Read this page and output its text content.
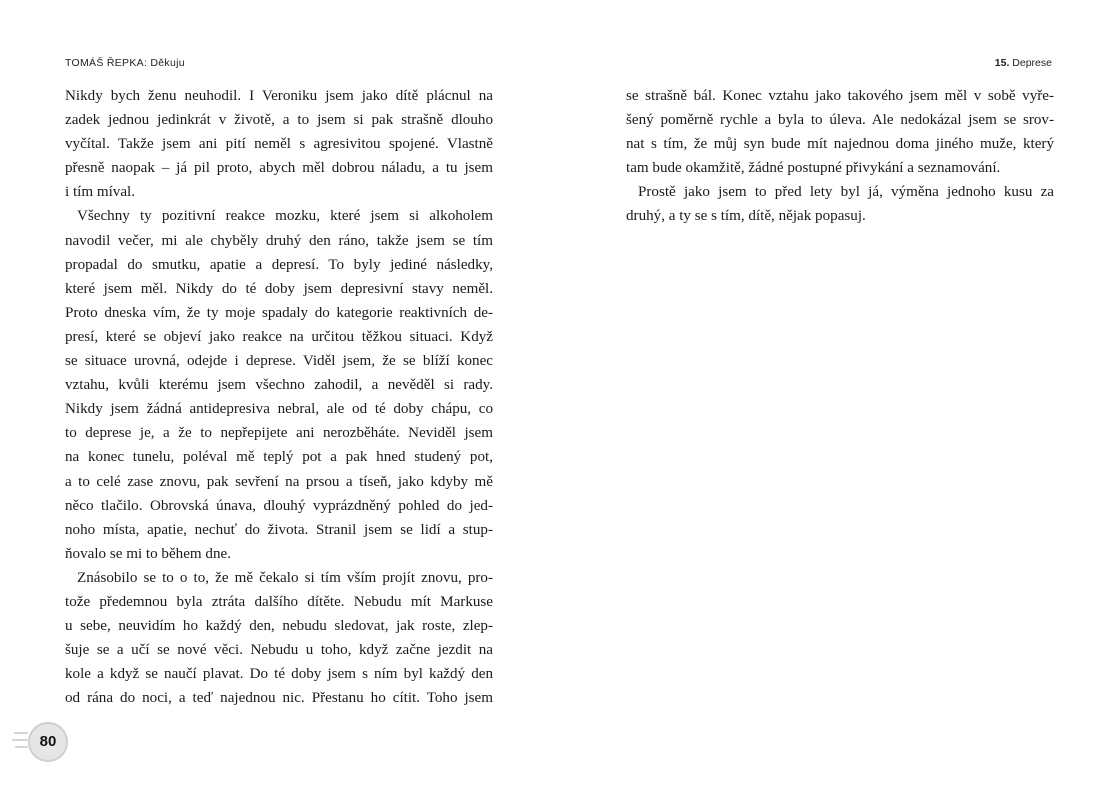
TOMÁŠ ŘEPKA: Děkuju	15. Deprese
Nikdy bych ženu neuhodil. I Veroniku jsem jako dítě plácnul na
zadek jednou jedinkrát v životě, a to jsem si pak strašně dlouho
vyčítal. Takže jsem ani pití neměl s agresivitou spojené. Vlastně
přesně naopak – já pil proto, abych měl dobrou náladu, a tu jsem
i tím míval.
Všechny ty pozitivní reakce mozku, které jsem si alkoholem
navodil večer, mi ale chyběly druhý den ráno, takže jsem se tím
propadal do smutku, apatie a depresí. To byly jediné následky,
které jsem měl. Nikdy do té doby jsem depresivní stavy neměl.
Proto dneska vím, že ty moje spadaly do kategorie reaktivních de-
presí, které se objeví jako reakce na určitou těžkou situaci. Když
se situace urovná, odejde i deprese. Viděl jsem, že se blíží konec
vztahu, kvůli kterému jsem všechno zahodil, a nevěděl si rady.
Nikdy jsem žádná antidepresiva nebral, ale od té doby chápu, co
to deprese je, a že to nepřepijete ani nerozběháte. Neviděl jsem
na konec tunelu, poléval mě teplý pot a pak hned studený pot,
a to celé zase znovu, pak sevření na prsou a tíseň, jako kdyby mě
něco tlačilo. Obrovská únava, dlouhý vyprázdněný pohled do jed-
noho místa, apatie, nechuť do života. Stranil jsem se lidí a stup-
ňovalo se mi to během dne.
Znásobilo se to o to, že mě čekalo si tím vším projít znovu, pro-
tože předemnou byla ztráta dalšího dítěte. Nebudu mít Markuse
u sebe, neuvidím ho každý den, nebudu sledovat, jak roste, zlep-
šuje se a učí se nové věci. Nebudu u toho, když začne jezdit na
kole a když se naučí plavat. Do té doby jsem s ním byl každý den
od rána do noci, a teď najednou nic. Přestanu ho cítit. Toho jsem
se strašně bál. Konec vztahu jako takového jsem měl v sobě vyře-
šený poměrně rychle a byla to úleva. Ale nedokázal jsem se srov-
nat s tím, že můj syn bude mít najednou doma jiného muže, který
tam bude okamžitě, žádné postupné přivykání a seznamování.
Prostě jako jsem to před lety byl já, výměna jednoho kusu za
druhý, a ty se s tím, dítě, nějak popasuj.
80
